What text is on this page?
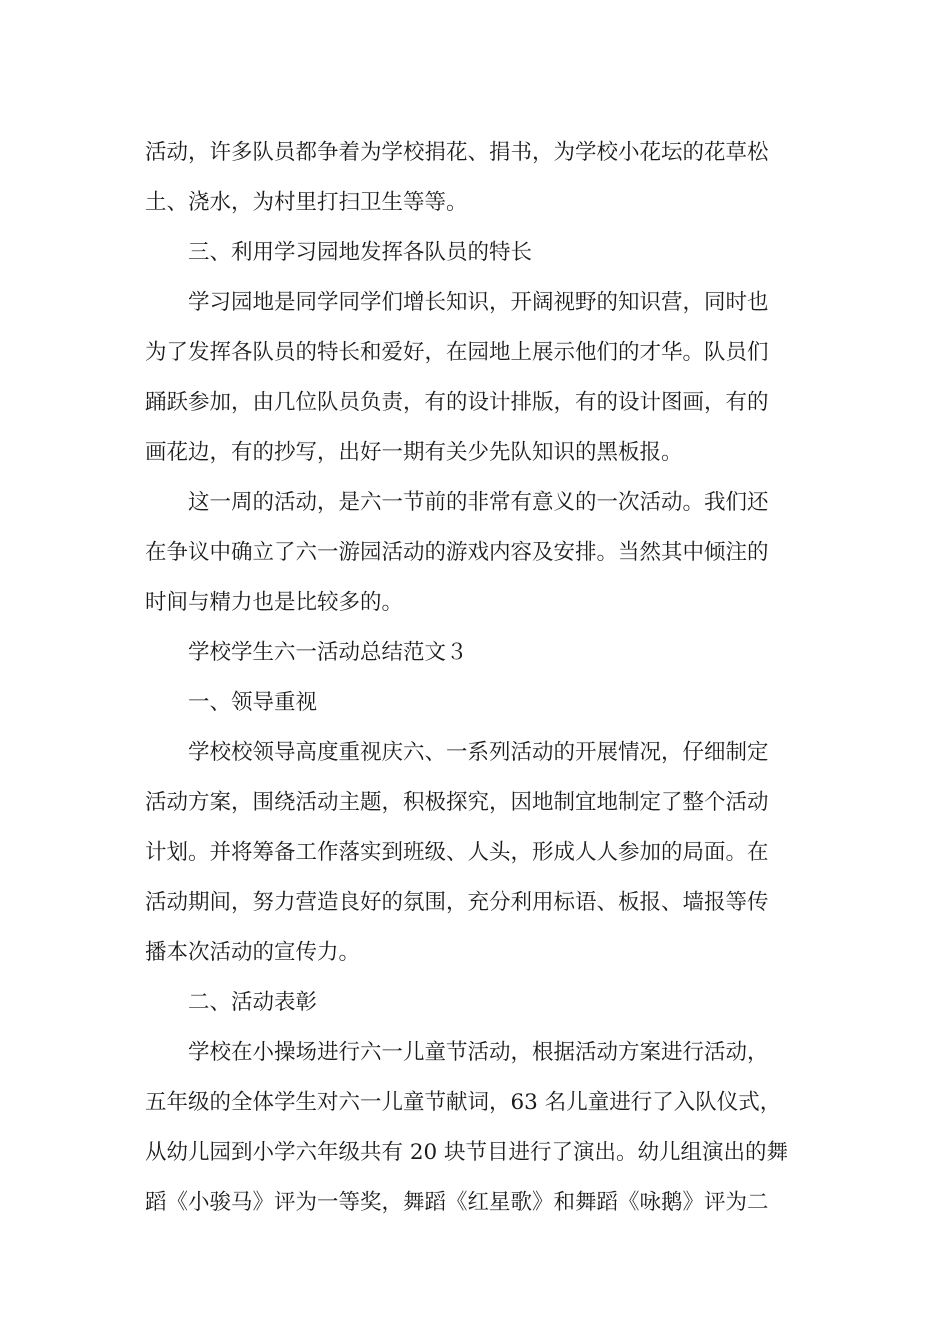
活动，许多队员都争着为学校捐花、捐书，为学校小花坛的花草松
土、浇水，为村里打扫卫生等等。
三、利用学习园地发挥各队员的特长
学习园地是同学同学们增长知识，开阔视野的知识营，同时也
为了发挥各队员的特长和爱好，在园地上展示他们的才华。队员们
踊跃参加，由几位队员负责，有的设计排版，有的设计图画，有的
画花边，有的抄写，出好一期有关少先队知识的黑板报。
这一周的活动，是六一节前的非常有意义的一次活动。我们还
在争议中确立了六一游园活动的游戏内容及安排。当然其中倾注的
时间与精力也是比较多的。
学校学生六一活动总结范文３
一、领导重视
学校校领导高度重视庆六、一系列活动的开展情况，仔细制定
活动方案，围绕活动主题，积极探究，因地制宜地制定了整个活动
计划。并将筹备工作落实到班级、人头，形成人人参加的局面。在
活动期间，努力营造良好的氛围，充分利用标语、板报、墙报等传
播本次活动的宣传力。
二、活动表彰
学校在小操场进行六一儿童节活动，根据活动方案进行活动，
五年级的全体学生对六一儿童节献词，63 名儿童进行了入队仪式，
从幼儿园到小学六年级共有 20 块节目进行了演出。幼儿组演出的舞
蹈《小骏马》评为一等奖，舞蹈《红星歌》和舞蹈《咏鹅》评为二
